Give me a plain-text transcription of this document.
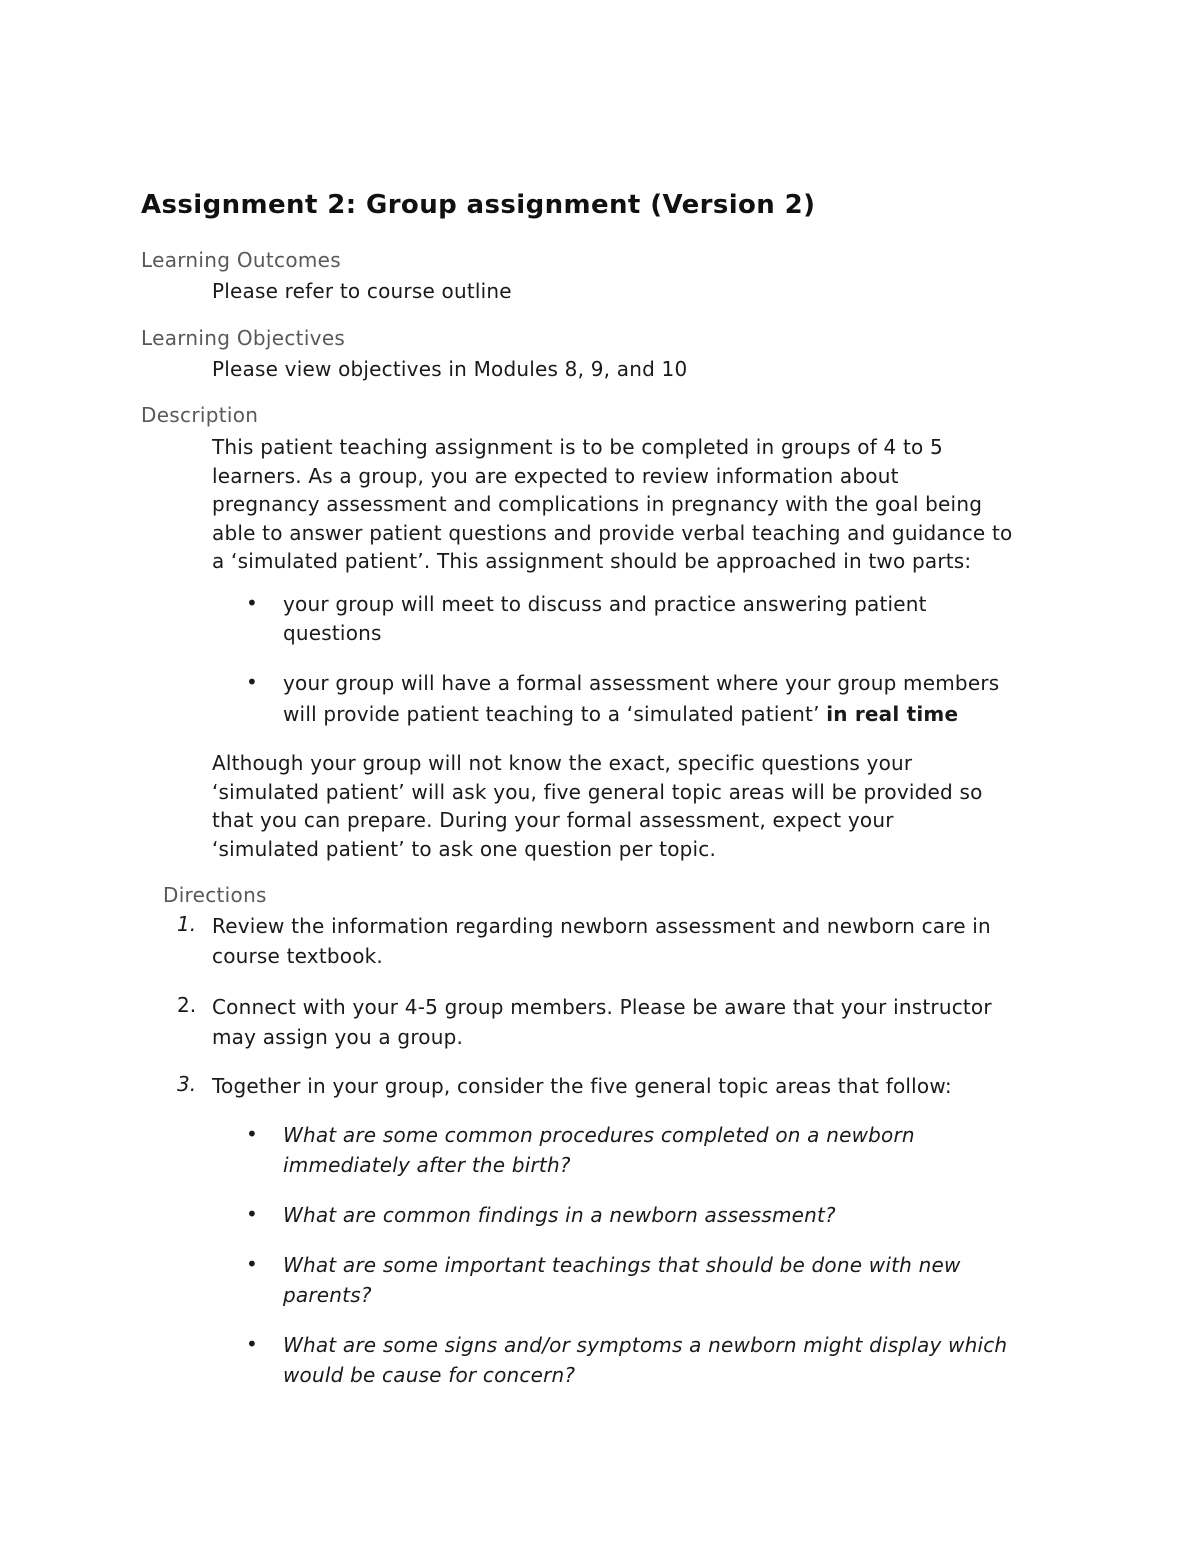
Assignment 2: Group assignment (Version 2)
Learning Outcomes
Please refer to course outline
Learning Objectives
Please view objectives in Modules 8, 9, and 10
Description
This patient teaching assignment is to be completed in groups of 4 to 5
learners. As a group, you are expected to review information about
pregnancy assessment and complications in pregnancy with the goal being
able to answer patient questions and provide verbal teaching and guidance to
a ‘simulated patient’. This assignment should be approached in two parts:
• your group will meet to discuss and practice answering patient
questions
• your group will have a formal assessment where your group members
will provide patient teaching to a ‘simulated patient’ in real time
Although your group will not know the exact, specific questions your
‘simulated patient’ will ask you, five general topic areas will be provided so
that you can prepare. During your formal assessment, expect your
‘simulated patient’ to ask one question per topic.
Directions
1. Review the information regarding newborn assessment and newborn care in
course textbook.
2. Connect with your 4-5 group members. Please be aware that your instructor
may assign you a group.
3. Together in your group, consider the five general topic areas that follow:
• What are some common procedures completed on a newborn
immediately after the birth?
• What are common findings in a newborn assessment?
• What are some important teachings that should be done with new
parents?
• What are some signs and/or symptoms a newborn might display which
would be cause for concern?
